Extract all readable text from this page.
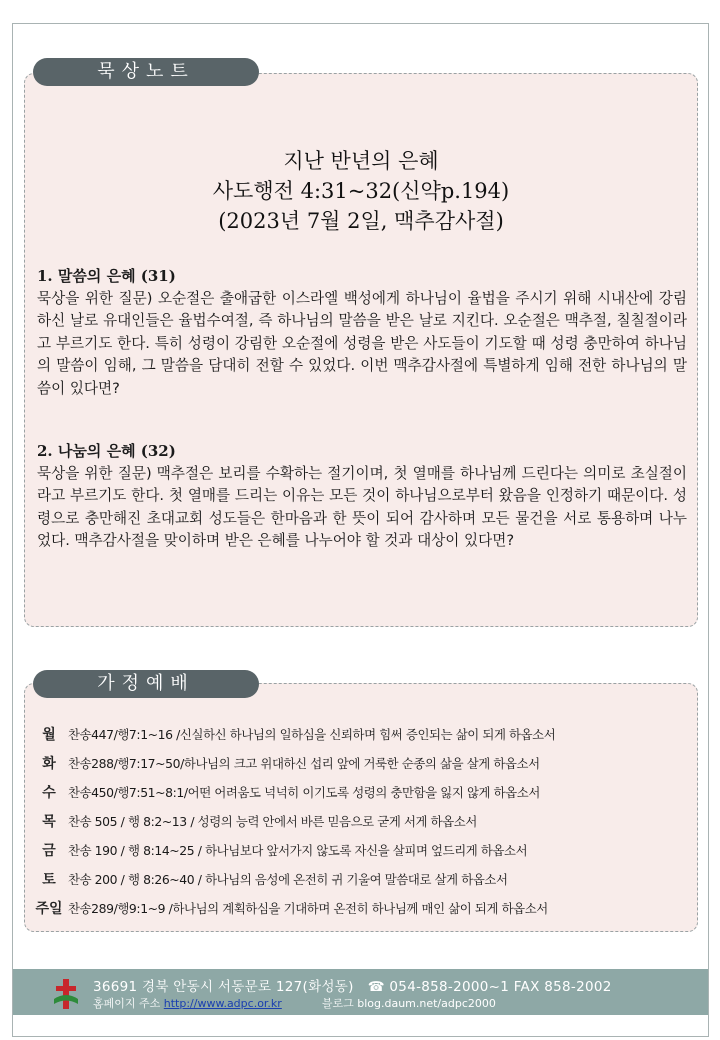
묵상노트
지난 반년의 은혜
사도행전 4:31~32(신약p.194)
(2023년 7월 2일, 맥추감사절)
1. 말씀의 은혜 (31)
묵상을 위한 질문) 오순절은 출애굽한 이스라엘 백성에게 하나님이 율법을 주시기 위해 시내산에 강림하신 날로 유대인들은 율법수여절, 즉 하나님의 말씀을 받은 날로 지킨다. 오순절은 맥추절, 칠칠절이라고 부르기도 한다. 특히 성령이 강림한 오순절에 성령을 받은 사도들이 기도할 때 성령 충만하여 하나님의 말씀이 임해, 그 말씀을 담대히 전할 수 있었다. 이번 맥추감사절에 특별하게 임해 전한 하나님의 말씀이 있다면?
2. 나눔의 은혜 (32)
묵상을 위한 질문) 맥추절은 보리를 수확하는 절기이며, 첫 열매를 하나님께 드린다는 의미로 초실절이라고 부르기도 한다. 첫 열매를 드리는 이유는 모든 것이 하나님으로부터 왔음을 인정하기 때문이다. 성령으로 충만해진 초대교회 성도들은 한마음과 한 뜻이 되어 감사하며 모든 물건을 서로 통용하며 나누었다. 맥추감사절을 맞이하며 받은 은혜를 나누어야 할 것과 대상이 있다면?
가정예배
월 찬송447/행7:1~16 /신실하신 하나님의 일하심을 신뢰하며 힘써 증인되는 삶이 되게 하옵소서
화 찬송288/행7:17~50/하나님의 크고 위대하신 섭리 앞에 거룩한 순종의 삶을 살게 하옵소서
수 찬송450/행7:51~8:1/어떤 어려움도 넉넉히 이기도록 성령의 충만함을 잃지 않게 하옵소서
목 찬송 505 / 행 8:2~13 / 성령의 능력 안에서 바른 믿음으로 굳게 서게 하옵소서
금 찬송 190 / 행 8:14~25 / 하나님보다 앞서가지 않도록 자신을 살피며 엎드리게 하옵소서
토 찬송 200 / 행 8:26~40 / 하나님의 음성에 온전히 귀 기울여 말씀대로 살게 하옵소서
주일 찬송289/행9:1~9 /하나님의 계획하심을 기대하며 온전히 하나님께 매인 삶이 되게 하옵소서
36691 경북 안동시 서동문로 127(화성동) ☎ 054-858-2000~1 FAX 858-2002
홈페이지 주소 http://www.adpc.or.kr	블로그 blog.daum.net/adpc2000
